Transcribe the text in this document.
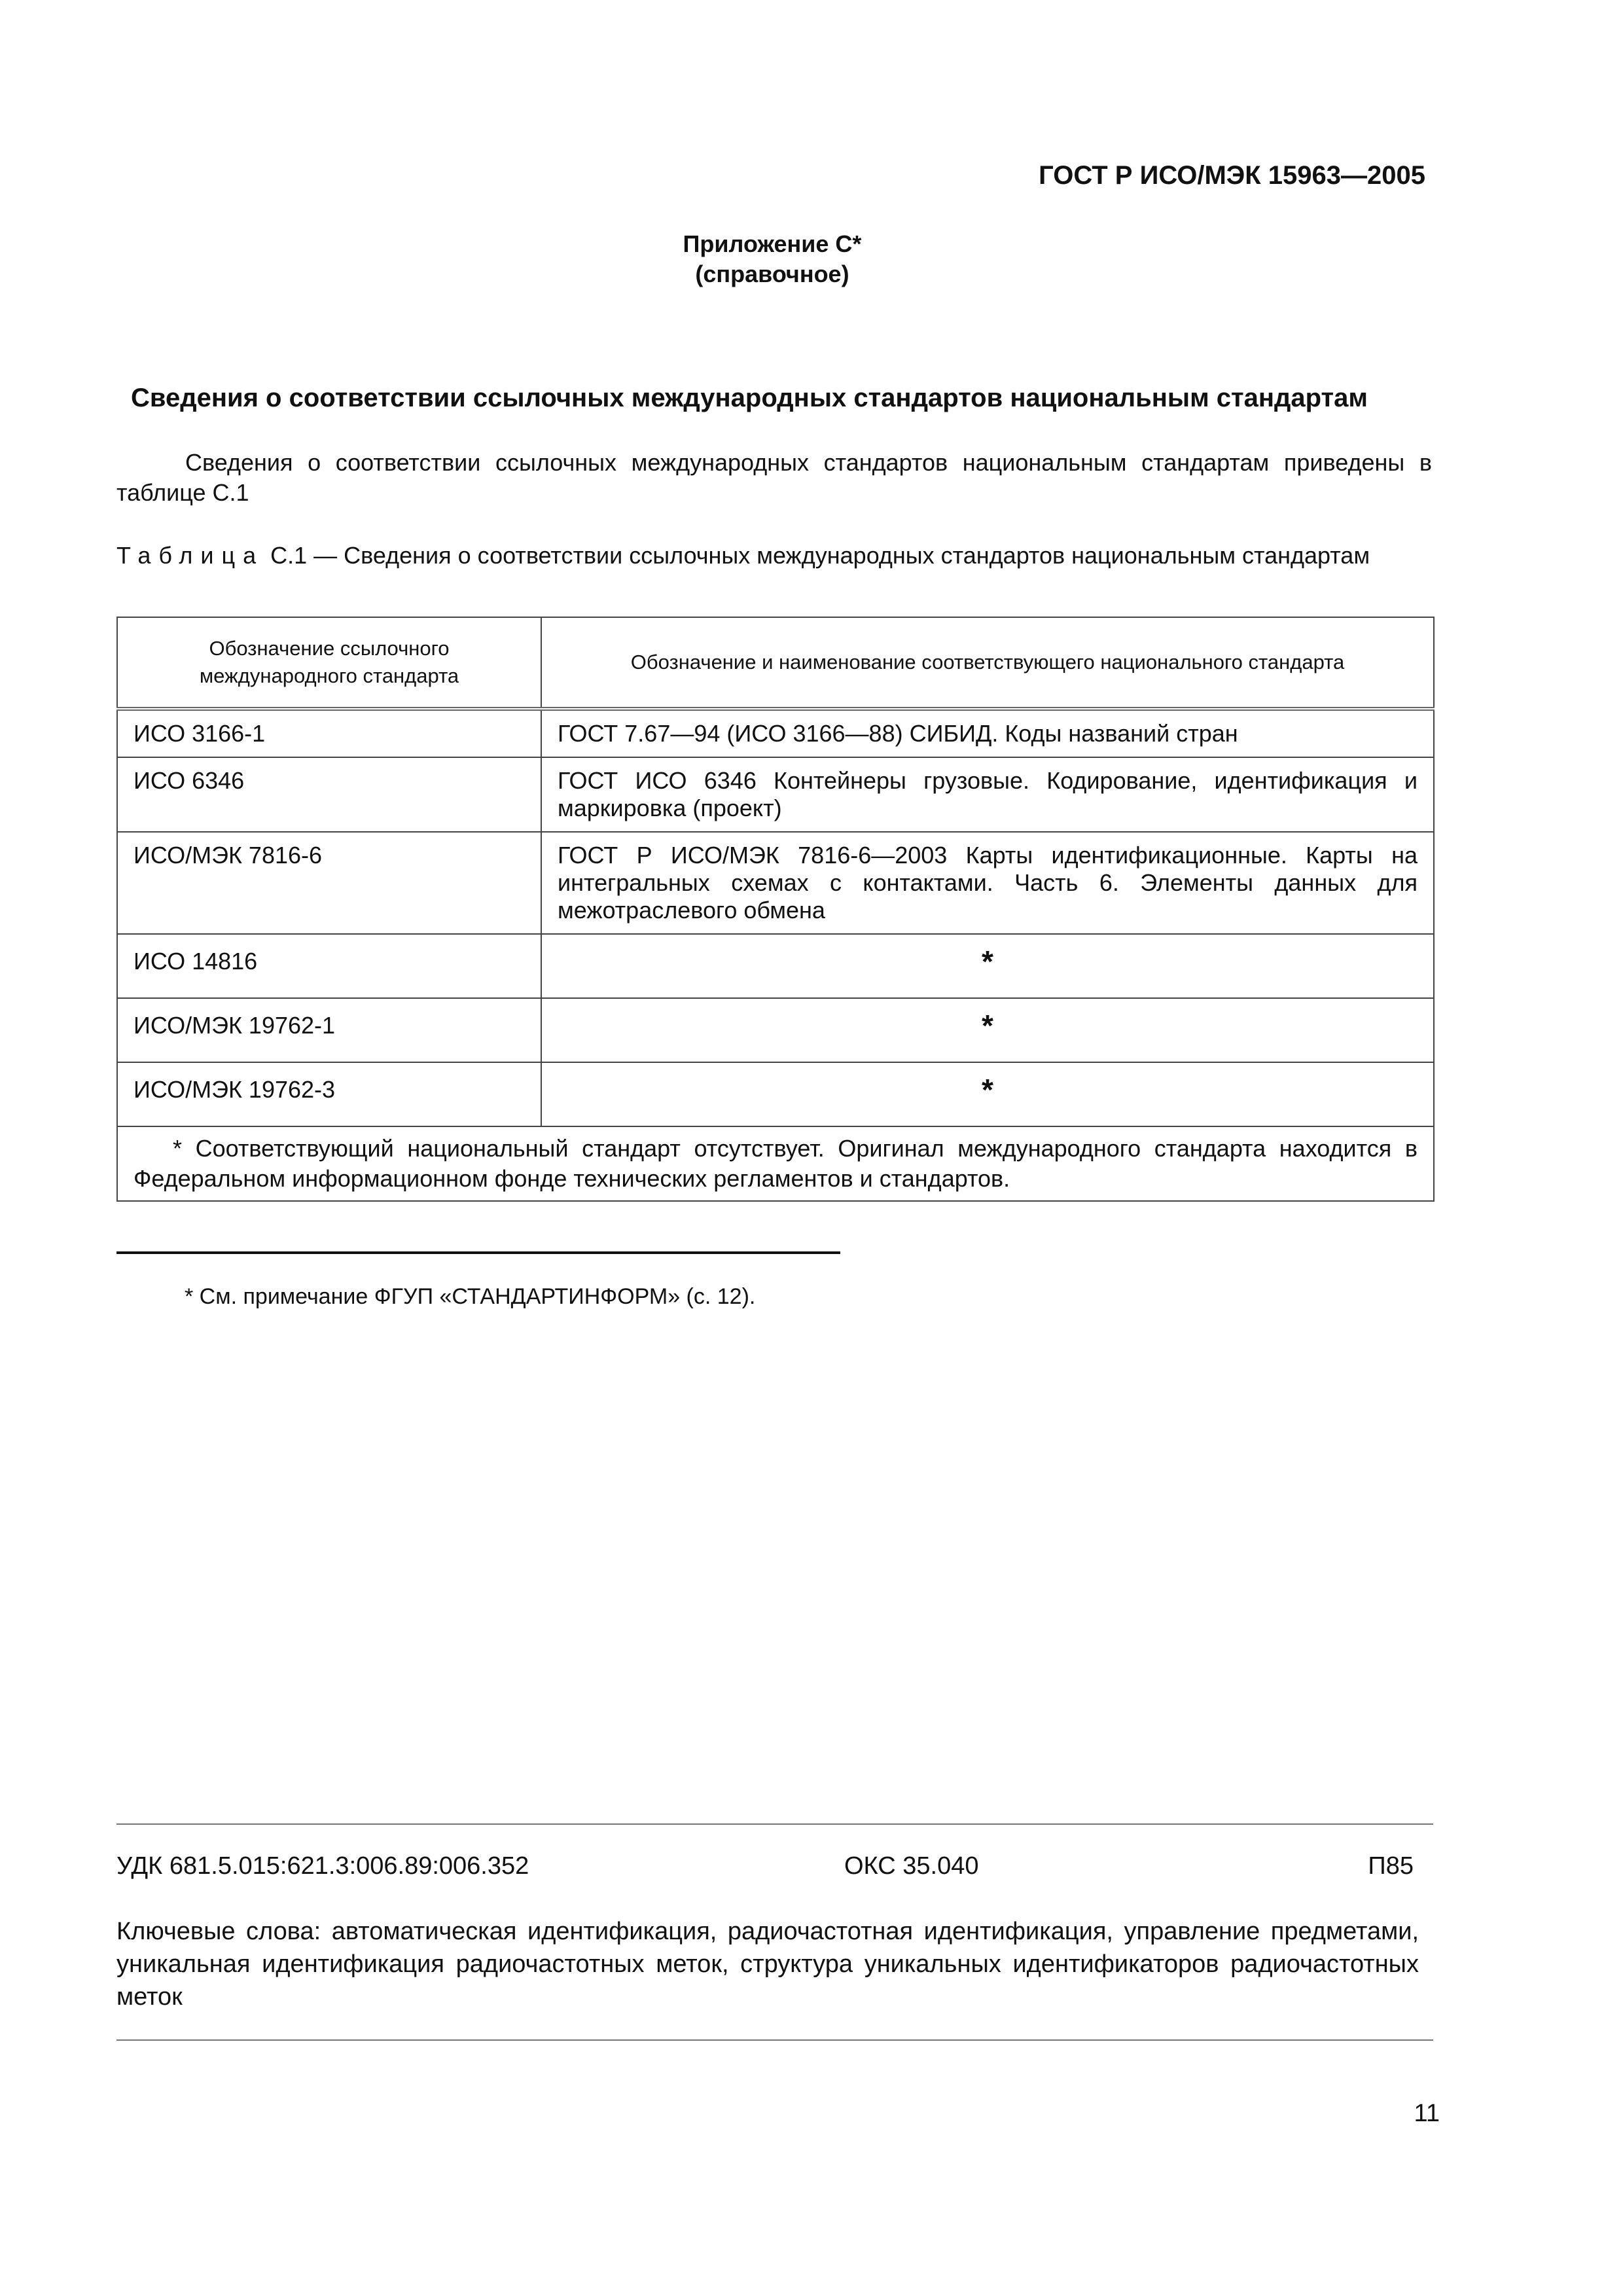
ГОСТ Р ИСО/МЭК 15963—2005
Приложение С*
(справочное)
Сведения о соответствии ссылочных международных стандартов национальным стандартам
Сведения о соответствии ссылочных международных стандартов национальным стандартам приведены в таблице С.1
Таблица С.1 — Сведения о соответствии ссылочных международных стандартов национальным стандартам
Обозначение ссылочного международного стандарта	Обозначение и наименование соответствующего национального стандарта
ИСО 3166-1	ГОСТ 7.67—94 (ИСО 3166—88) СИБИД. Коды названий стран
ИСО 6346	ГОСТ ИСО 6346 Контейнеры грузовые. Кодирование, идентификация и маркировка (проект)
ИСО/МЭК 7816-6	ГОСТ Р ИСО/МЭК 7816-6—2003 Карты идентификационные. Карты на интегральных схемах с контактами. Часть 6. Элементы данных для межотраслевого обмена
ИСО 14816	*
ИСО/МЭК 19762-1	*
ИСО/МЭК 19762-3	*
* Соответствующий национальный стандарт отсутствует. Оригинал международного стандарта находится в Федеральном информационном фонде технических регламентов и стандартов.	
* См. примечание ФГУП «СТАНДАРТИНФОРМ» (с. 12).
УДК 681.5.015:621.3:006.89:006.352	ОКС 35.040	П85
Ключевые слова: автоматическая идентификация, радиочастотная идентификация, управление предметами, уникальная идентификация радиочастотных меток, структура уникальных идентификаторов радиочастотных меток
11
